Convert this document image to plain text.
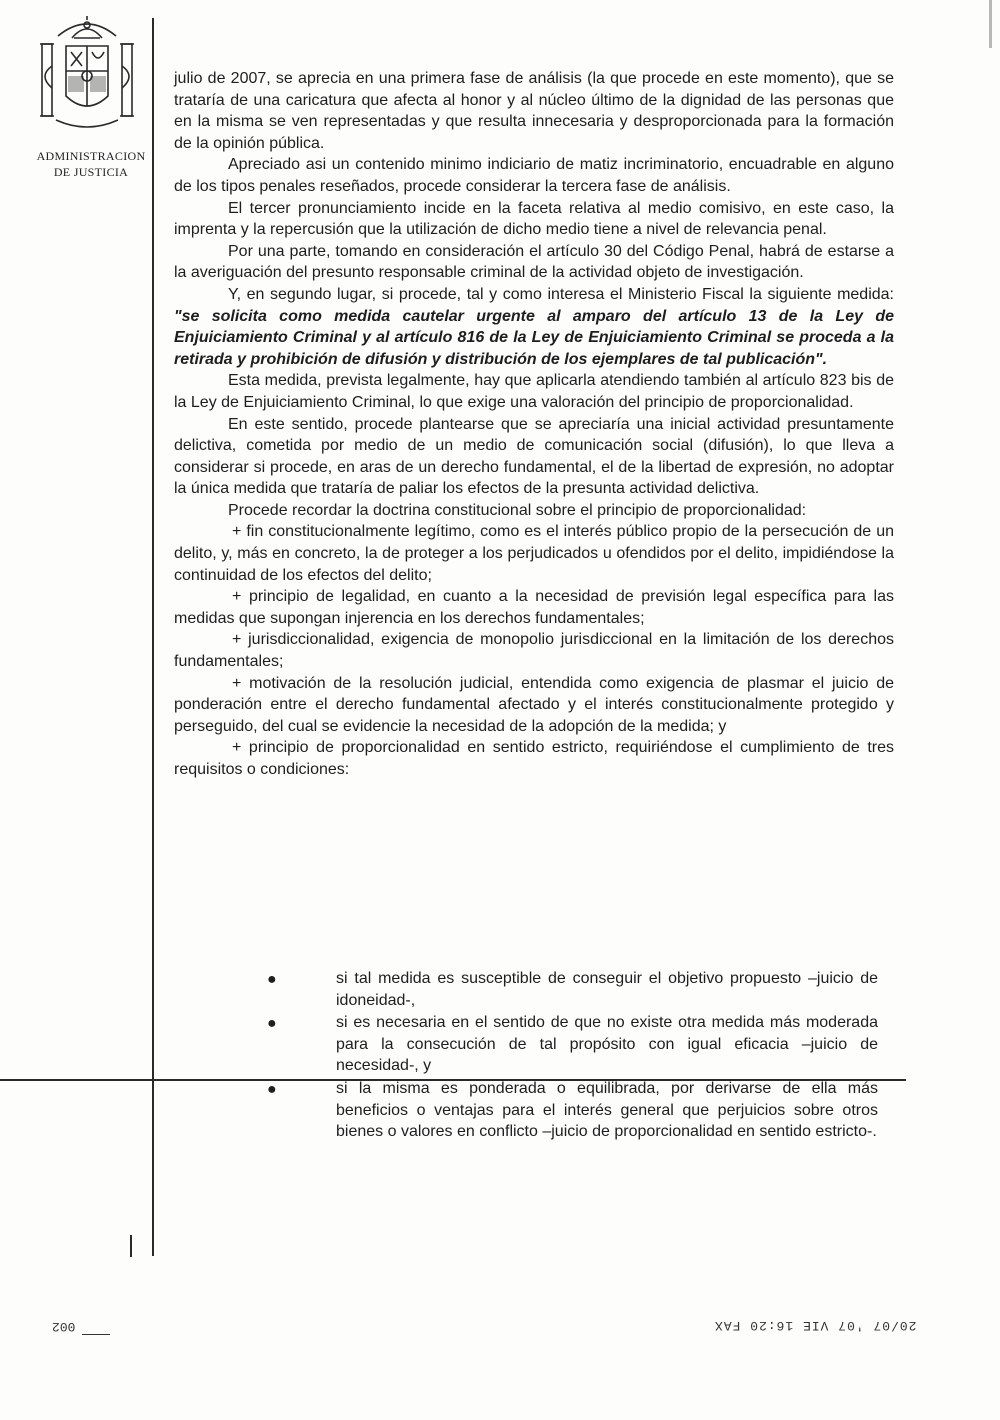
ADMINISTRACION
DE JUSTICIA

julio de 2007, se aprecia en una primera fase de análisis (la que procede en este momento), que se trataría de una caricatura que afecta al honor y al núcleo último de la dignidad de las personas que en la misma se ven representadas y que resulta innecesaria y desproporcionada para la formación de la opinión pública.

Apreciado asi un contenido minimo indiciario de matiz incriminatorio, encuadrable en alguno de los tipos penales reseñados, procede considerar la tercera fase de análisis.

El tercer pronunciamiento incide en la faceta relativa al medio comisivo, en este caso, la imprenta y la repercusión que la utilización de dicho medio tiene a nivel de relevancia penal.

Por una parte, tomando en consideración el artículo 30 del Código Penal, habrá de estarse a la averiguación del presunto responsable criminal de la actividad objeto de investigación.

Y, en segundo lugar, si procede, tal y como interesa el Ministerio Fiscal la siguiente medida: "se solicita como medida cautelar urgente al amparo del artículo 13 de la Ley de Enjuiciamiento Criminal y al artículo 816 de la Ley de Enjuiciamiento Criminal se proceda a la retirada y prohibición de difusión y distribución de los ejemplares de tal publicación".

Esta medida, prevista legalmente, hay que aplicarla atendiendo también al artículo 823 bis de la Ley de Enjuiciamiento Criminal, lo que exige una valoración del principio de proporcionalidad.

En este sentido, procede plantearse que se apreciaría una inicial actividad presuntamente delictiva, cometida por medio de un medio de comunicación social (difusión), lo que lleva a considerar si procede, en aras de un derecho fundamental, el de la libertad de expresión, no adoptar la única medida que trataría de paliar los efectos de la presunta actividad delictiva.

Procede recordar la doctrina constitucional sobre el principio de proporcionalidad:

+ fin constitucionalmente legítimo, como es el interés público propio de la persecución de un delito, y, más en concreto, la de proteger a los perjudicados u ofendidos por el delito, impidiéndose la continuidad de los efectos del delito;

+ principio de legalidad, en cuanto a la necesidad de previsión legal específica para las medidas que supongan injerencia en los derechos fundamentales;

+ jurisdiccionalidad, exigencia de monopolio jurisdiccional en la limitación de los derechos fundamentales;

+ motivación de la resolución judicial, entendida como exigencia de plasmar el juicio de ponderación entre el derecho fundamental afectado y el interés constitucionalmente protegido y perseguido, del cual se evidencie la necesidad de la adopción de la medida; y

+ principio de proporcionalidad en sentido estricto, requiriéndose el cumplimiento de tres requisitos o condiciones:

●	si tal medida es susceptible de conseguir el objetivo propuesto –juicio de idoneidad-,
●	si es necesaria en el sentido de que no existe otra medida más moderada para la consecución de tal propósito con igual eficacia –juicio de necesidad-, y
●	si la misma es ponderada o equilibrada, por derivarse de ella más beneficios o ventajas para el interés general que perjuicios sobre otros bienes o valores en conflicto –juicio de proporcionalidad en sentido estricto-.
002	20/07 '07 VIE 16:20 FAX
